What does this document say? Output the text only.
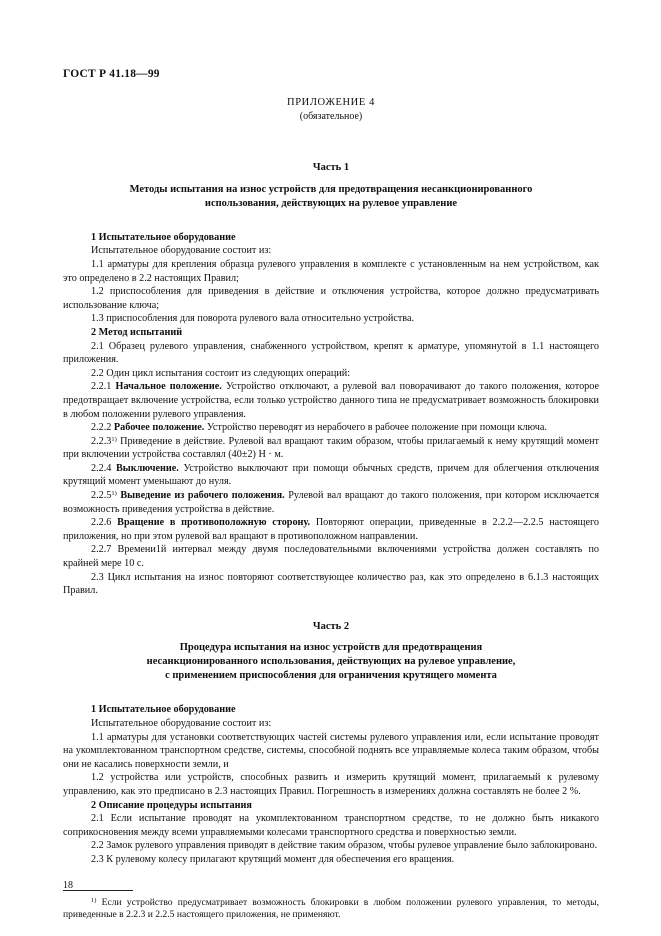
ГОСТ Р 41.18—99
ПРИЛОЖЕНИЕ 4
(обязательное)
Часть 1
Методы испытания на износ устройств для предотвращения несанкционированного
использования, действующих на рулевое управление

1 Испытательное оборудование

Испытательное оборудование состоит из:

1.1 арматуры для крепления образца рулевого управления в комплекте с установленным на нем устройством, как это определено в 2.2 настоящих Правил;

1.2 приспособления для приведения в действие и отключения устройства, которое должно предусматривать использование ключа;

1.3 приспособления для поворота рулевого вала относительно устройства.

2 Метод испытаний

2.1 Образец рулевого управления, снабженного устройством, крепят к арматуре, упомянутой в 1.1 настоящего приложения.

2.2 Один цикл испытания состоит из следующих операций:

2.2.1 Начальное положение. Устройство отключают, а рулевой вал поворачивают до такого положения, которое предотвращает включение устройства, если только устройство данного типа не предусматривает возможность блокировки в любом положении рулевого управления.

2.2.2 Рабочее положение. Устройство переводят из нерабочего в рабочее положение при помощи ключа.

2.2.3$^{1)}$ Приведение в действие. Рулевой вал вращают таким образом, чтобы прилагаемый к нему крутящий момент при включении устройства составлял (40±2) Н · м.

2.2.4 Выключение. Устройство выключают при помощи обычных средств, причем для облегчения отключения крутящий момент уменьшают до нуля.

2.2.5$^{1)}$ Выведение из рабочего положения. Рулевой вал вращают до такого положения, при котором исключается возможность приведения устройства в действие.

2.2.6 Вращение в противоположную сторону. Повторяют операции, приведенные в 2.2.2—2.2.5 настоящего приложения, но при этом рулевой вал вращают в противоположном направлении.

2.2.7 Времени1й интервал между двумя последовательными включениями устройства должен составлять по крайней мере 10 с.

2.3 Цикл испытания на износ повторяют соответствующее количество раз, как это определено в 6.1.3 настоящих Правил.

Часть 2
Процедура испытания на износ устройств для предотвращения
несанкционированного использования, действующих на рулевое управление,
с применением приспособления для ограничения крутящего момента

1 Испытательное оборудование

Испытательное оборудование состоит из:

1.1 арматуры для установки соответствующих частей системы рулевого управления или, если испытание проводят на укомплектованном транспортном средстве, системы, способной поднять все управляемые колеса таким образом, чтобы они не касались поверхности земли, и

1.2 устройства или устройств, способных развить и измерить крутящий момент, прилагаемый к рулевому управлению, как это предписано в 2.3 настоящих Правил. Погрешность в измерениях должна составлять не более 2 %.

2 Описание процедуры испытания

2.1 Если испытание проводят на укомплектованном транспортном средстве, то не должно быть никакого соприкосновения между всеми управляемыми колесами транспортного средства и поверхностью земли.

2.2 Замок рулевого управления приводят в действие таким образом, чтобы рулевое управление было заблокировано.

2.3 К рулевому колесу прилагают крутящий момент для обеспечения его вращения.

$^{1)}$ Если устройство предусматривает возможность блокировки в любом положении рулевого управления, то методы, приведенные в 2.2.3 и 2.2.5 настоящего приложения, не применяют.

18
